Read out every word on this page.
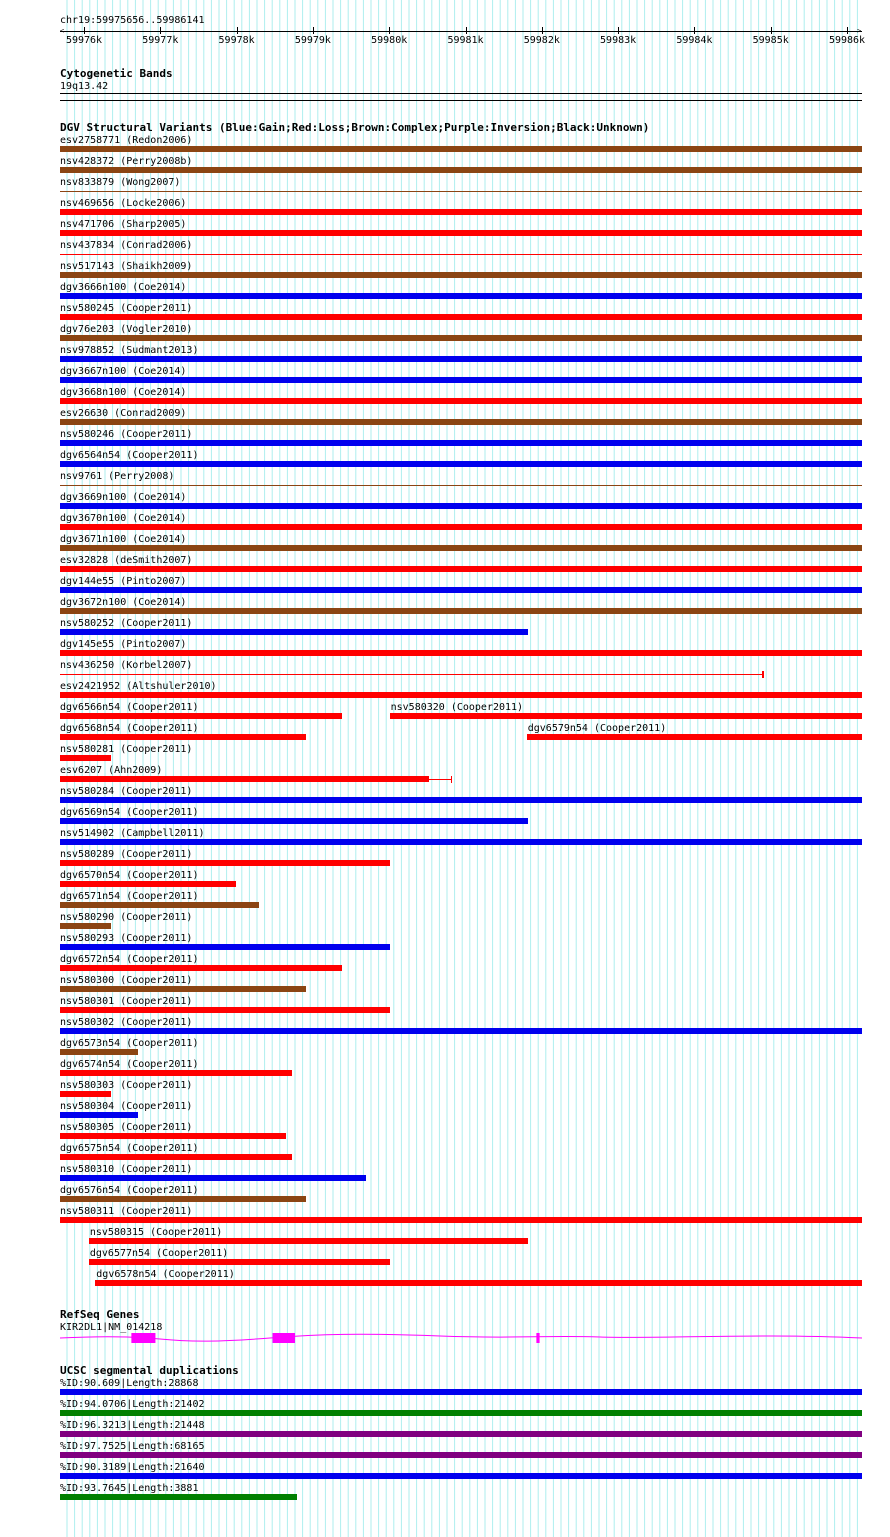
chr19:59975656..59986141
<	>
59976k	59977k	59978k	59979k	59980k	59981k	59982k	59983k	59984k	59985k	59986k
Cytogenetic Bands
19q13.42
DGV Structural Variants (Blue:Gain;Red:Loss;Brown:Complex;Purple:Inversion;Black:Unknown)
esv2758771 (Redon2006)
nsv428372 (Perry2008b)
nsv833879 (Wong2007)
nsv469656 (Locke2006)
nsv471706 (Sharp2005)
nsv437834 (Conrad2006)
nsv517143 (Shaikh2009)
dgv3666n100 (Coe2014)
nsv580245 (Cooper2011)
dgv76e203 (Vogler2010)
nsv978852 (Sudmant2013)
dgv3667n100 (Coe2014)
dgv3668n100 (Coe2014)
esv26630 (Conrad2009)
nsv580246 (Cooper2011)
dgv6564n54 (Cooper2011)
nsv9761 (Perry2008)
dgv3669n100 (Coe2014)
dgv3670n100 (Coe2014)
dgv3671n100 (Coe2014)
esv32828 (deSmith2007)
dgv144e55 (Pinto2007)
dgv3672n100 (Coe2014)
nsv580252 (Cooper2011)
dgv145e55 (Pinto2007)
nsv436250 (Korbel2007)
esv2421952 (Altshuler2010)
dgv6566n54 (Cooper2011)	nsv580320 (Cooper2011)
dgv6568n54 (Cooper2011)	dgv6579n54 (Cooper2011)
nsv580281 (Cooper2011)
esv6207 (Ahn2009)
nsv580284 (Cooper2011)
dgv6569n54 (Cooper2011)
nsv514902 (Campbell2011)
nsv580289 (Cooper2011)
dgv6570n54 (Cooper2011)
dgv6571n54 (Cooper2011)
nsv580290 (Cooper2011)
nsv580293 (Cooper2011)
dgv6572n54 (Cooper2011)
nsv580300 (Cooper2011)
nsv580301 (Cooper2011)
nsv580302 (Cooper2011)
dgv6573n54 (Cooper2011)
dgv6574n54 (Cooper2011)
nsv580303 (Cooper2011)
nsv580304 (Cooper2011)
nsv580305 (Cooper2011)
dgv6575n54 (Cooper2011)
nsv580310 (Cooper2011)
dgv6576n54 (Cooper2011)
nsv580311 (Cooper2011)
nsv580315 (Cooper2011)
dgv6577n54 (Cooper2011)
dgv6578n54 (Cooper2011)
RefSeq Genes
KIR2DL1|NM_014218
UCSC segmental duplications
%ID:90.609|Length:28868
%ID:94.0706|Length:21402
%ID:96.3213|Length:21448
%ID:97.7525|Length:68165
%ID:90.3189|Length:21640
%ID:93.7645|Length:3881
